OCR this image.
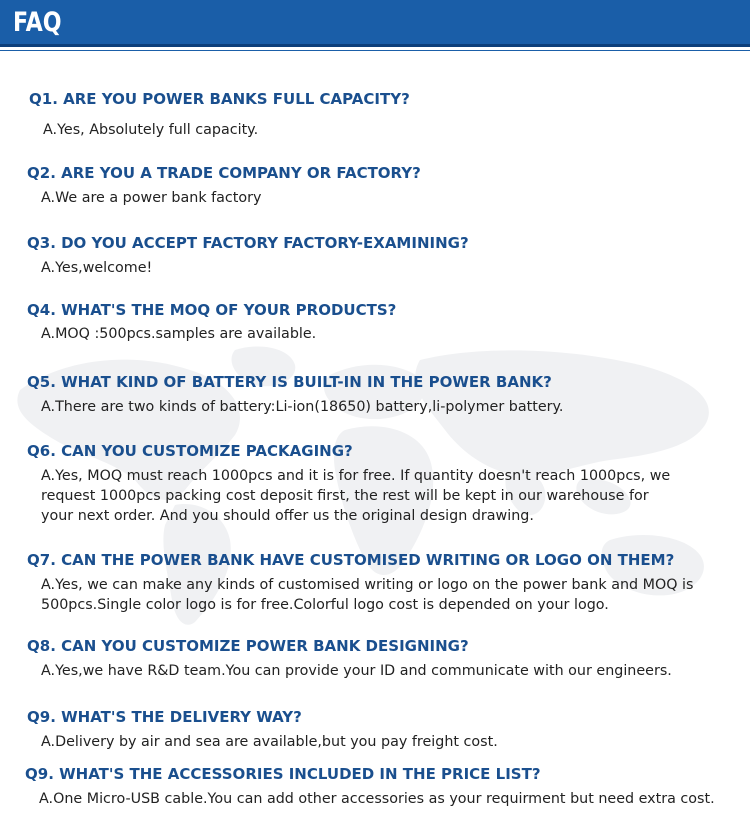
FAQ
Q1. ARE YOU POWER BANKS FULL CAPACITY?
A.Yes, Absolutely full capacity.
Q2. ARE YOU A TRADE COMPANY OR FACTORY?
A.We are a power bank factory
Q3. DO YOU ACCEPT FACTORY FACTORY-EXAMINING?
A.Yes,welcome!
Q4. WHAT'S THE MOQ OF YOUR PRODUCTS?
A.MOQ :500pcs.samples are available.
Q5. WHAT KIND OF BATTERY IS BUILT-IN IN THE POWER BANK?
A.There are two kinds of battery:Li-ion(18650) battery,li-polymer battery.
Q6. CAN YOU CUSTOMIZE PACKAGING?
A.Yes, MOQ must reach 1000pcs and it is for free. If quantity doesn't reach 1000pcs, we
request 1000pcs packing cost deposit first, the rest will be kept in our warehouse for
your next order. And you should offer us the original design drawing.
Q7. CAN THE POWER BANK HAVE CUSTOMISED WRITING OR LOGO ON THEM?
A.Yes, we can make any kinds of customised writing or logo on the power bank and MOQ is
500pcs.Single color logo is for free.Colorful logo cost is depended on your logo.
Q8. CAN YOU CUSTOMIZE POWER BANK DESIGNING?
A.Yes,we have R&D team.You can provide your ID and communicate with our engineers.
Q9. WHAT'S THE DELIVERY WAY?
A.Delivery by air and sea are available,but you pay freight cost.
Q9. WHAT'S THE ACCESSORIES INCLUDED IN THE PRICE LIST?
A.One Micro-USB cable.You can add other accessories as your requirment but need extra cost.
